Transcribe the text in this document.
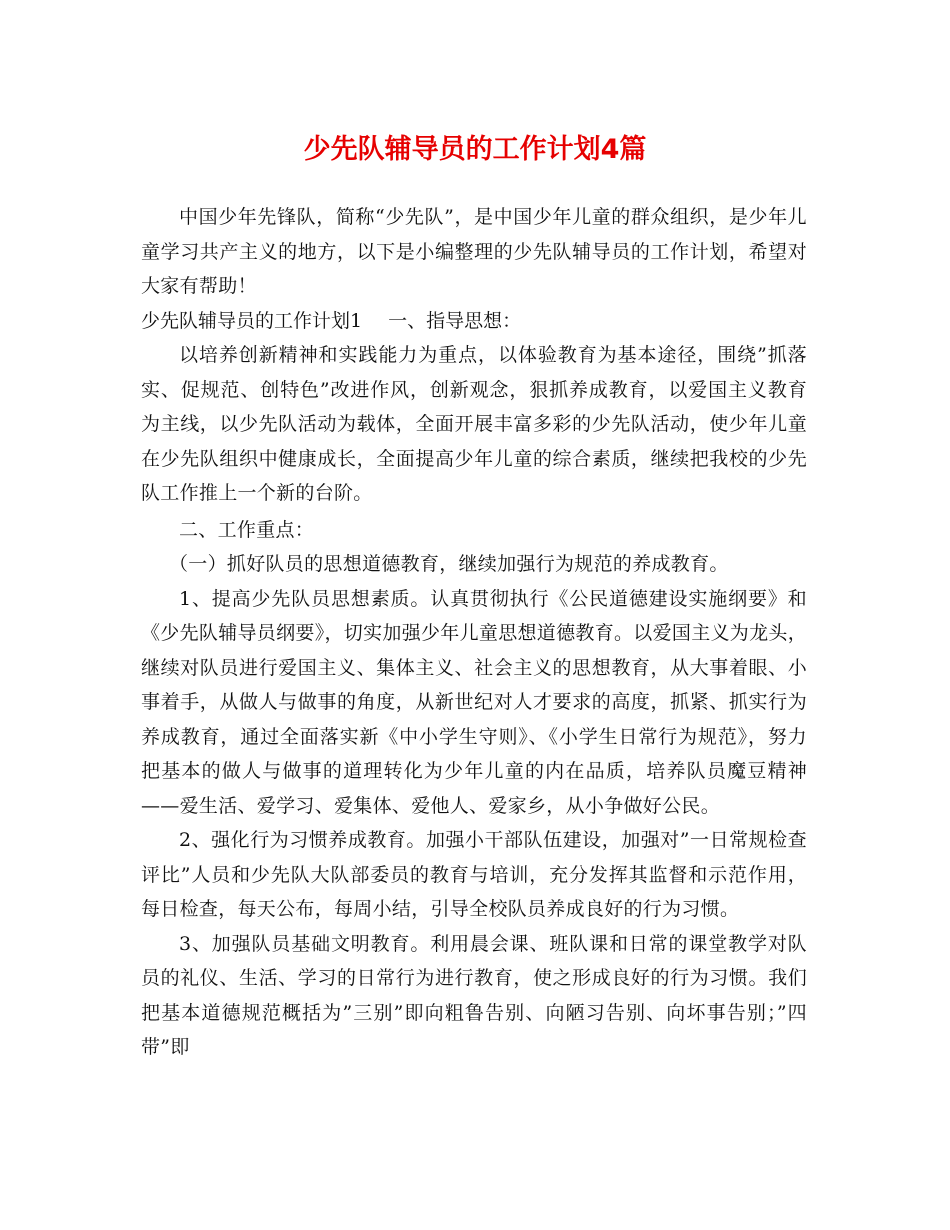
少先队辅导员的工作计划4篇

中国少年先锋队，简称“少先队”，是中国少年儿童的群众组织，是少年儿童学习共产主义的地方，以下是小编整理的少先队辅导员的工作计划，希望对大家有帮助！

少先队辅导员的工作计划1 一、指导思想：

以培养创新精神和实践能力为重点，以体验教育为基本途径，围绕”抓落实、促规范、创特色”改进作风，创新观念，狠抓养成教育，以爱国主义教育为主线，以少先队活动为载体，全面开展丰富多彩的少先队活动，使少年儿童在少先队组织中健康成长，全面提高少年儿童的综合素质，继续把我校的少先队工作推上一个新的台阶。

二、工作重点：

（一）抓好队员的思想道德教育，继续加强行为规范的养成教育。

1、提高少先队员思想素质。认真贯彻执行《公民道德建设实施纲要》和《少先队辅导员纲要》，切实加强少年儿童思想道德教育。以爱国主义为龙头，继续对队员进行爱国主义、集体主义、社会主义的思想教育，从大事着眼、小事着手，从做人与做事的角度，从新世纪对人才要求的高度，抓紧、抓实行为养成教育，通过全面落实新《中小学生守则》、《小学生日常行为规范》，努力把基本的做人与做事的道理转化为少年儿童的内在品质，培养队员魔豆精神——爱生活、爱学习、爱集体、爱他人、爱家乡，从小争做好公民。

2、强化行为习惯养成教育。加强小干部队伍建设，加强对”一日常规检查评比”人员和少先队大队部委员的教育与培训，充分发挥其监督和示范作用，每日检查，每天公布，每周小结，引导全校队员养成良好的行为习惯。

3、加强队员基础文明教育。利用晨会课、班队课和日常的课堂教学对队员的礼仪、生活、学习的日常行为进行教育，使之形成良好的行为习惯。我们把基本道德规范概括为”三别”即向粗鲁告别、向陋习告别、向坏事告别；”四带”即
